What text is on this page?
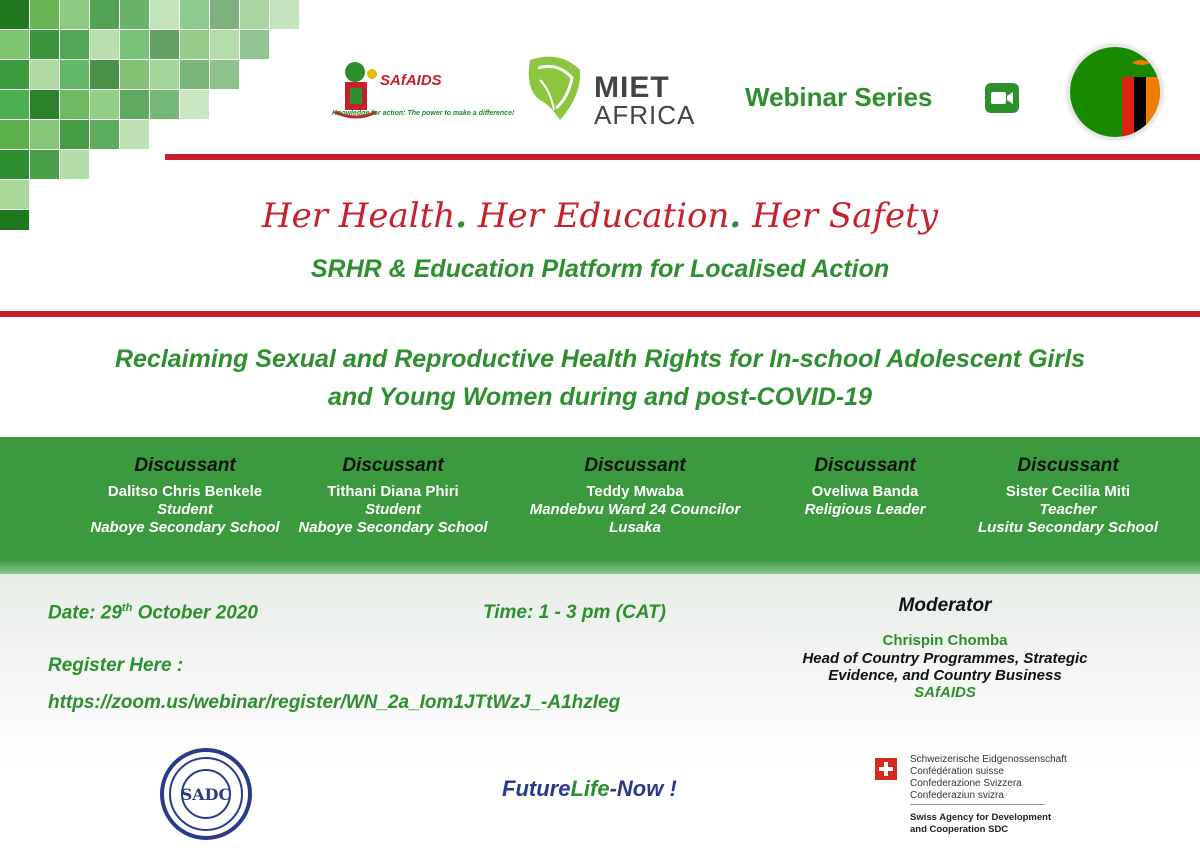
SAfAIDS
Knowledge for action: The power to make a difference!
MIET
AFRICA
Webinar Series
Her Health. Her Education. Her Safety
SRHR & Education Platform for Localised Action
Reclaiming Sexual and Reproductive Health Rights for In-school Adolescent Girls
and Young Women during and post-COVID-19
Discussant
Dalitso Chris Benkele
Student
Naboye Secondary School
Discussant
Tithani Diana Phiri
Student
Naboye Secondary School
Discussant
Teddy Mwaba
Mandebvu Ward 24 Councilor
Lusaka
Discussant
Oveliwa Banda
Religious Leader
Discussant
Sister Cecilia Miti
Teacher
Lusitu Secondary School
Date: 29th October 2020	Time: 1 - 3 pm (CAT)
Register Here :
https://zoom.us/webinar/register/WN_2a_Iom1JTtWzJ_-A1hzIeg
Moderator
Chrispin Chomba
Head of Country Programmes, Strategic
Evidence, and Country Business
SAfAIDS
SADC	FutureLife-Now !
Schweizerische Eidgenossenschaft
Confédération suisse
Confederazione Svizzera
Confederaziun svizra
Swiss Agency for Development
and Cooperation SDC
